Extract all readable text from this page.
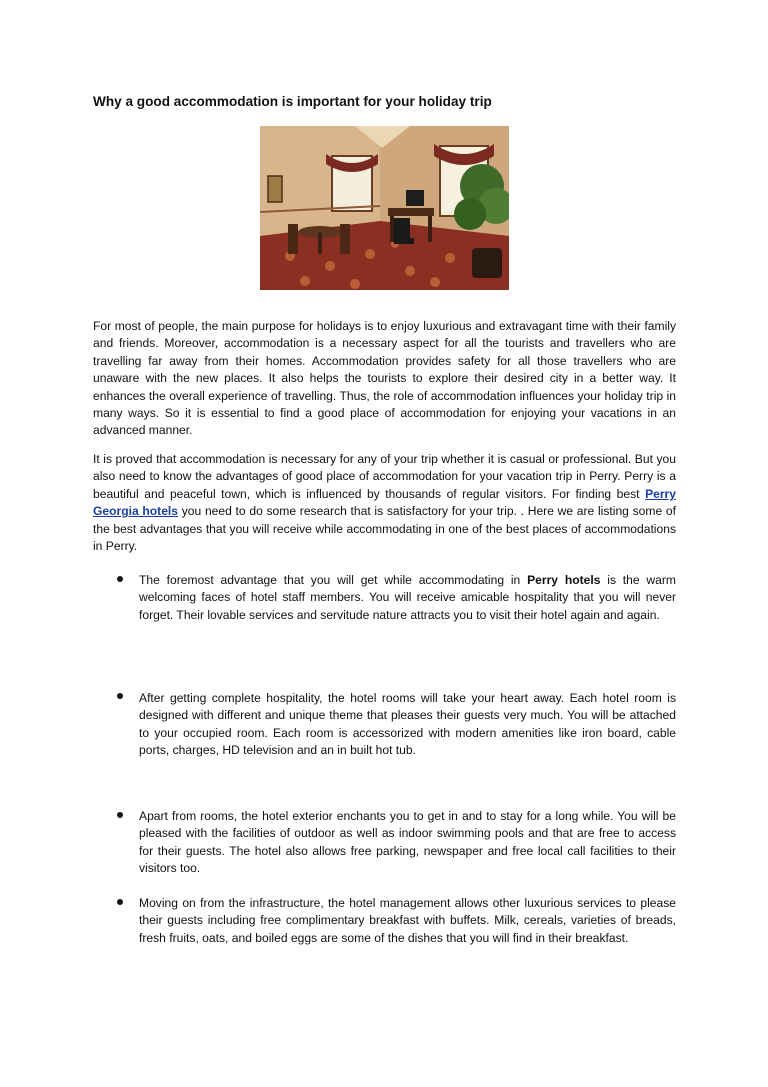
Why a good accommodation is important for your holiday trip

For most of people, the main purpose for holidays is to enjoy luxurious and extravagant time with their family and friends. Moreover, accommodation is a necessary aspect for all the tourists and travellers who are travelling far away from their homes. Accommodation provides safety for all those travellers who are unaware with the new places. It also helps the tourists to explore their desired city in a better way. It enhances the overall experience of travelling. Thus, the role of accommodation influences your holiday trip in many ways. So it is essential to find a good place of accommodation for enjoying your vacations in an advanced manner.

It is proved that accommodation is necessary for any of your trip whether it is casual or professional. But you also need to know the advantages of good place of accommodation for your vacation trip in Perry. Perry is a beautiful and peaceful town, which is influenced by thousands of regular visitors. For finding best Perry Georgia hotels you need to do some research that is satisfactory for your trip. . Here we are listing some of the best advantages that you will receive while accommodating in one of the best places of accommodations in Perry.

The foremost advantage that you will get while accommodating in Perry hotels is the warm welcoming faces of hotel staff members. You will receive amicable hospitality that you will never forget. Their lovable services and servitude nature attracts you to visit their hotel again and again.

After getting complete hospitality, the hotel rooms will take your heart away. Each hotel room is designed with different and unique theme that pleases their guests very much. You will be attached to your occupied room. Each room is accessorized with modern amenities like iron board, cable ports, charges, HD television and an in built hot tub.

Apart from rooms, the hotel exterior enchants you to get in and to stay for a long while. You will be pleased with the facilities of outdoor as well as indoor swimming pools and that are free to access for their guests. The hotel also allows free parking, newspaper and free local call facilities to their visitors too.

Moving on from the infrastructure, the hotel management allows other luxurious services to please their guests including free complimentary breakfast with buffets. Milk, cereals, varieties of breads, fresh fruits, oats, and boiled eggs are some of the dishes that you will find in their breakfast.
